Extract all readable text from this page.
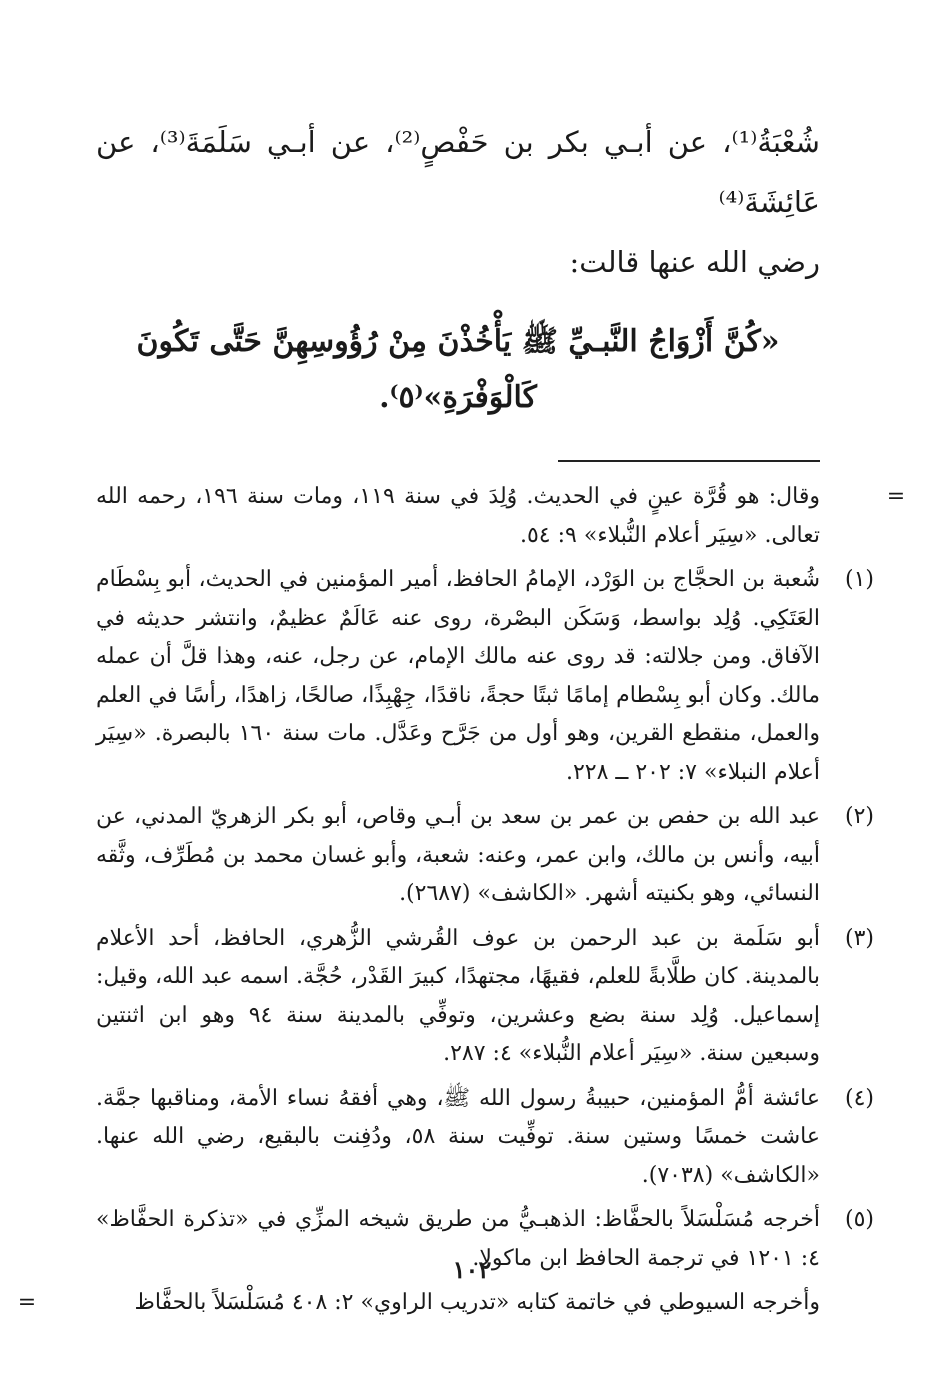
شُعْبَةُ⁽¹⁾، عن أبـي بكر بن حَفْصٍ⁽²⁾، عن أبـي سَلَمَةَ⁽³⁾، عن عَائِشَةَ⁽⁴⁾
رضي الله عنها قالت:

«كُنَّ أَزْوَاجُ النَّبـيِّ ﷺ يَأْخُذْنَ مِنْ رُؤُوسِهِنَّ حَتَّى تَكُونَ كَالْوَفْرَةِ»⁽٥⁾.

=
وقال: هو قُرَّة عينٍ في الحديث. وُلِدَ في سنة ١١٩، ومات سنة ١٩٦، رحمه الله تعالى. «سِيَر أعلام النُّبلاء» ٩: ٥٤.
(١)
شُعبة بن الحجَّاج بن الوَرْد، الإمامُ الحافظ، أمير المؤمنين في الحديث، أبو بِسْطَام العَتَكِي. وُلِد بواسط، وَسَكَن البصْرة، روى عنه عَالَمٌ عظيمٌ، وانتشر حديثه في الآفاق. ومن جلالته: قد روى عنه مالك الإمام، عن رجل، عنه، وهذا قلَّ أن عمله مالك. وكان أبو بِسْطام إمامًا ثبتًا حجةً، ناقدًا، جِهْبِذًا، صالحًا، زاهدًا، رأسًا في العلم والعمل، منقطع القرين، وهو أول من جَرَّح وعَدَّل. مات سنة ١٦٠ بالبصرة. «سِيَر أعلام النبلاء» ٧: ٢٠٢ ــ ٢٢٨.
(٢)
عبد الله بن حفص بن عمر بن سعد بن أبـي وقاص، أبو بكر الزهريّ المدني، عن أبيه، وأنس بن مالك، وابن عمر، وعنه: شعبة، وأبو غسان محمد بن مُطَرِّف، وثَّقه النسائي، وهو بكنيته أشهر. «الكاشف» (٢٦٨٧).
(٣)
أبو سَلَمة بن عبد الرحمن بن عوف القُرشي الزُّهري، الحافظ، أحد الأعلام بالمدينة. كان طلَّابةً للعلم، فقيهًا، مجتهدًا، كبيرَ القَدْر، حُجَّة. اسمه عبد الله، وقيل: إسماعيل. وُلِد سنة بضع وعشرين، وتوفِّي بالمدينة سنة ٩٤ وهو ابن اثنتين وسبعين سنة. «سِيَر أعلام النُّبلاء» ٤: ٢٨٧.
(٤)
عائشة أمُّ المؤمنين، حبيبةُ رسول الله ﷺ، وهي أفقهُ نساء الأمة، ومناقبها جمَّة. عاشت خمسًا وستين سنة. توفِّيت سنة ٥٨، ودُفِنت بالبقيع، رضي الله عنها. «الكاشف» (٧٠٣٨).
(٥)
أخرجه مُسَلْسَلاً بالحفَّاظ: الذهبـيُّ من طريق شيخه المزِّي في «تذكرة الحفَّاظ» ٤: ١٢٠١ في ترجمة الحافظ ابن ماكولا.
وأخرجه السيوطي في خاتمة كتابه «تدريب الراوي» ٢: ٤٠٨ مُسَلْسَلاً بالحفَّاظ
=
١٠٢
